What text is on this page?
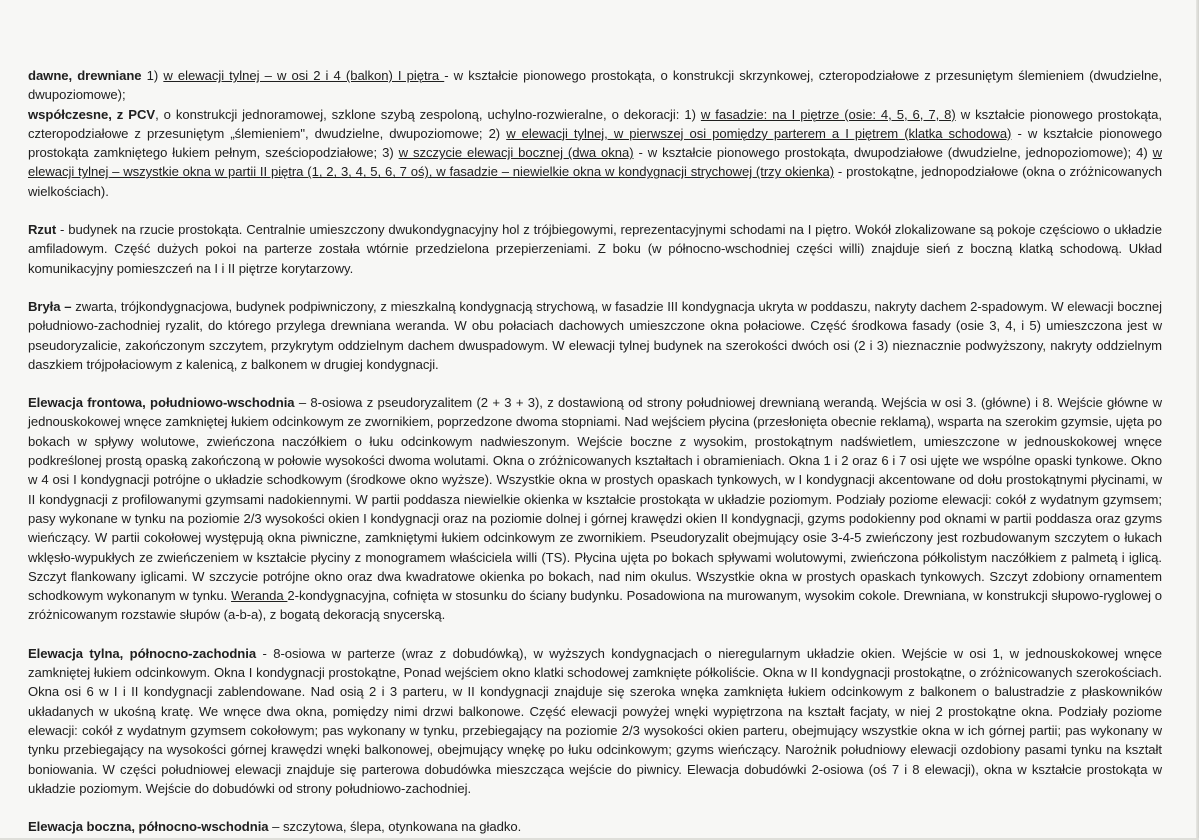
dawne, drewniane 1) w elewacji tylnej – w osi 2 i 4 (balkon) I piętra - w kształcie pionowego prostokąta, o konstrukcji skrzynkowej, czteropodziałowe z przesuniętym ślemieniem (dwudzielne, dwupoziomowe);

współczesne, z PCV, o konstrukcji jednoramowej, szklone szybą zespoloną, uchylno-rozwieralne, o dekoracji: 1) w fasadzie: na I piętrze (osie: 4, 5, 6, 7, 8) w kształcie pionowego prostokąta, czteropodziałowe z przesuniętym „ślemieniem", dwudzielne, dwupoziomowe; 2) w elewacji tylnej, w pierwszej osi pomiędzy parterem a I piętrem (klatka schodowa) - w kształcie pionowego prostokąta zamkniętego łukiem pełnym, sześciopodziałowe; 3) w szczycie elewacji bocznej (dwa okna) - w kształcie pionowego prostokąta, dwupodziałowe (dwudzielne, jednopoziomowe); 4) w elewacji tylnej – wszystkie okna w partii II piętra (1, 2, 3, 4, 5, 6, 7 oś), w fasadzie – niewielkie okna w kondygnacji strychowej (trzy okienka) - prostokątne, jednopodziałowe (okna o zróżnicowanych wielkościach).

Rzut - budynek na rzucie prostokąta. Centralnie umieszczony dwukondygnacyjny hol z trójbiegowymi, reprezentacyjnymi schodami na I piętro. Wokół zlokalizowane są pokoje częściowo o układzie amfiladowym. Część dużych pokoi na parterze została wtórnie przedzielona przepierzeniami. Z boku (w północno-wschodniej części willi) znajduje sień z boczną klatką schodową. Układ komunikacyjny pomieszczeń na I i II piętrze korytarzowy.

Bryła – zwarta, trójkondygnacjowa, budynek podpiwniczony, z mieszkalną kondygnacją strychową, w fasadzie III kondygnacja ukryta w poddaszu, nakryty dachem 2-spadowym. W elewacji bocznej południowo-zachodniej ryzalit, do którego przylega drewniana weranda. W obu połaciach dachowych umieszczone okna połaciowe. Część środkowa fasady (osie 3, 4, i 5) umieszczona jest w pseudoryzalicie, zakończonym szczytem, przykrytym oddzielnym dachem dwuspadowym. W elewacji tylnej budynek na szerokości dwóch osi (2 i 3) nieznacznie podwyższony, nakryty oddzielnym daszkiem trójpołaciowym z kalenicą, z balkonem w drugiej kondygnacji.

Elewacja frontowa, południowo-wschodnia – 8-osiowa z pseudoryzalitem (2 + 3 + 3), z dostawioną od strony południowej drewnianą werandą. Wejścia w osi 3. (główne) i 8. Wejście główne w jednouskokowej wnęce zamkniętej łukiem odcinkowym ze zwornikiem, poprzedzone dwoma stopniami. Nad wejściem płycina (przesłonięta obecnie reklamą), wsparta na szerokim gzymsie, ujęta po bokach w spływy wolutowe, zwieńczona naczółkiem o łuku odcinkowym nadwieszonym. Wejście boczne z wysokim, prostokątnym nadświetlem, umieszczone w jednouskokowej wnęce podkreślonej prostą opaską zakończoną w połowie wysokości dwoma wolutami. Okna o zróżnicowanych kształtach i obramieniach. Okna 1 i 2 oraz 6 i 7 osi ujęte we wspólne opaski tynkowe. Okno w 4 osi I kondygnacji potrójne o układzie schodkowym (środkowe okno wyższe). Wszystkie okna w prostych opaskach tynkowych, w I kondygnacji akcentowane od dołu prostokątnymi płycinami, w II kondygnacji z profilowanymi gzymsami nadokiennymi. W partii poddasza niewielkie okienka w kształcie prostokąta w układzie poziomym. Podziały poziome elewacji: cokół z wydatnym gzymsem; pasy wykonane w tynku na poziomie 2/3 wysokości okien I kondygnacji oraz na poziomie dolnej i górnej krawędzi okien II kondygnacji, gzyms podokienny pod oknami w partii poddasza oraz gzyms wieńczący. W partii cokołowej występują okna piwniczne, zamkniętymi łukiem odcinkowym ze zwornikiem. Pseudoryzalit obejmujący osie 3-4-5 zwieńczony jest rozbudowanym szczytem o łukach wklęsło-wypukłych ze zwieńczeniem w kształcie płyciny z monogramem właściciela willi (TS). Płycina ujęta po bokach spływami wolutowymi, zwieńczona półkolistym naczółkiem z palmetą i iglicą. Szczyt flankowany iglicami. W szczycie potrójne okno oraz dwa kwadratowe okienka po bokach, nad nim okulus. Wszystkie okna w prostych opaskach tynkowych. Szczyt zdobiony ornamentem schodkowym wykonanym w tynku. Weranda 2-kondygnacyjna, cofnięta w stosunku do ściany budynku. Posadowiona na murowanym, wysokim cokole. Drewniana, w konstrukcji słupowo-ryglowej o zróżnicowanym rozstawie słupów (a-b-a), z bogatą dekoracją snycerską.

Elewacja tylna, północno-zachodnia - 8-osiowa w parterze (wraz z dobudówką), w wyższych kondygnacjach o nieregularnym układzie okien. Wejście w osi 1, w jednouskokowej wnęce zamkniętej łukiem odcinkowym. Okna I kondygnacji prostokątne, Ponad wejściem okno klatki schodowej zamknięte półkoliście. Okna w II kondygnacji prostokątne, o zróżnicowanych szerokościach. Okna osi 6 w I i II kondygnacji zablendowane. Nad osią 2 i 3 parteru, w II kondygnacji znajduje się szeroka wnęka zamknięta łukiem odcinkowym z balkonem o balustradzie z płaskowników układanych w ukośną kratę. We wnęce dwa okna, pomiędzy nimi drzwi balkonowe. Część elewacji powyżej wnęki wypiętrzona na kształt facjaty, w niej 2 prostokątne okna. Podziały poziome elewacji: cokół z wydatnym gzymsem cokołowym; pas wykonany w tynku, przebiegający na poziomie 2/3 wysokości okien parteru, obejmujący wszystkie okna w ich górnej partii; pas wykonany w tynku przebiegający na wysokości górnej krawędzi wnęki balkonowej, obejmujący wnękę po łuku odcinkowym; gzyms wieńczący. Narożnik południowy elewacji ozdobiony pasami tynku na kształt boniowania. W części południowej elewacji znajduje się parterowa dobudówka mieszcząca wejście do piwnicy. Elewacja dobudówki 2-osiowa (oś 7 i 8 elewacji), okna w kształcie prostokąta w układzie poziomym. Wejście do dobudówki od strony południowo-zachodniej.

Elewacja boczna, północno-wschodnia – szczytowa, ślepa, otynkowana na gładko.
